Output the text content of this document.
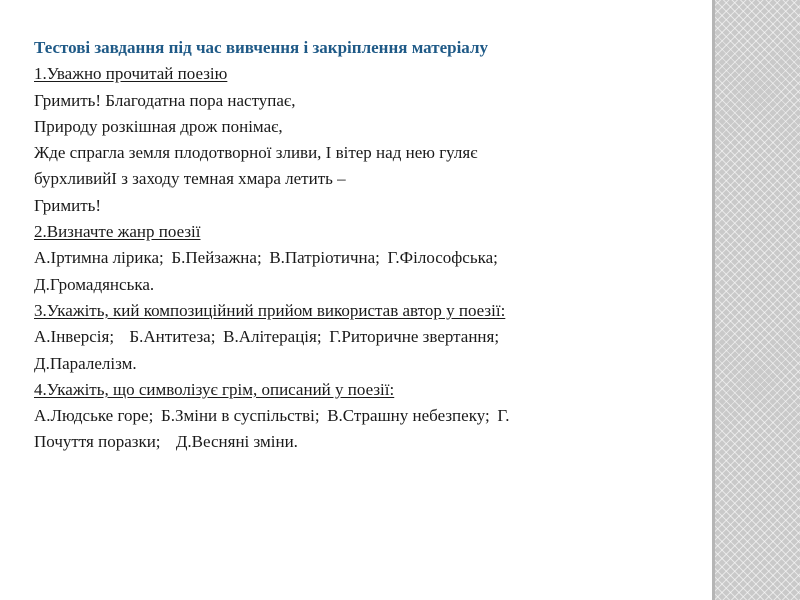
Тестові завдання під час вивчення і закріплення матеріалу
1.Уважно прочитай поезію
Гримить! Благодатна пора наступає,
Природу розкішная дрож понімає,
Жде спрагла земля плодотворної зливи, І вітер над нею гуляє
бурхливийІ з заходу темная хмара летить –
Гримить!
2.Визначте жанр поезії
А.Іртимна лірика; Б.Пейзажна; В.Патріотична; Г.Філософська;
Д.Громадянська.
3.Укажіть, кий композиційний прийом використав автор у поезії:
А.Інверсія; Б.Антитеза; В.Алітерація; Г.Риторичне звертання;
Д.Паралелізм.
4.Укажіть, що символізує грім, описаний у поезії:
А.Людське горе; Б.Зміни в суспільстві; В.Страшну небезпеку; Г.
Почуття поразки; Д.Весняні зміни.
